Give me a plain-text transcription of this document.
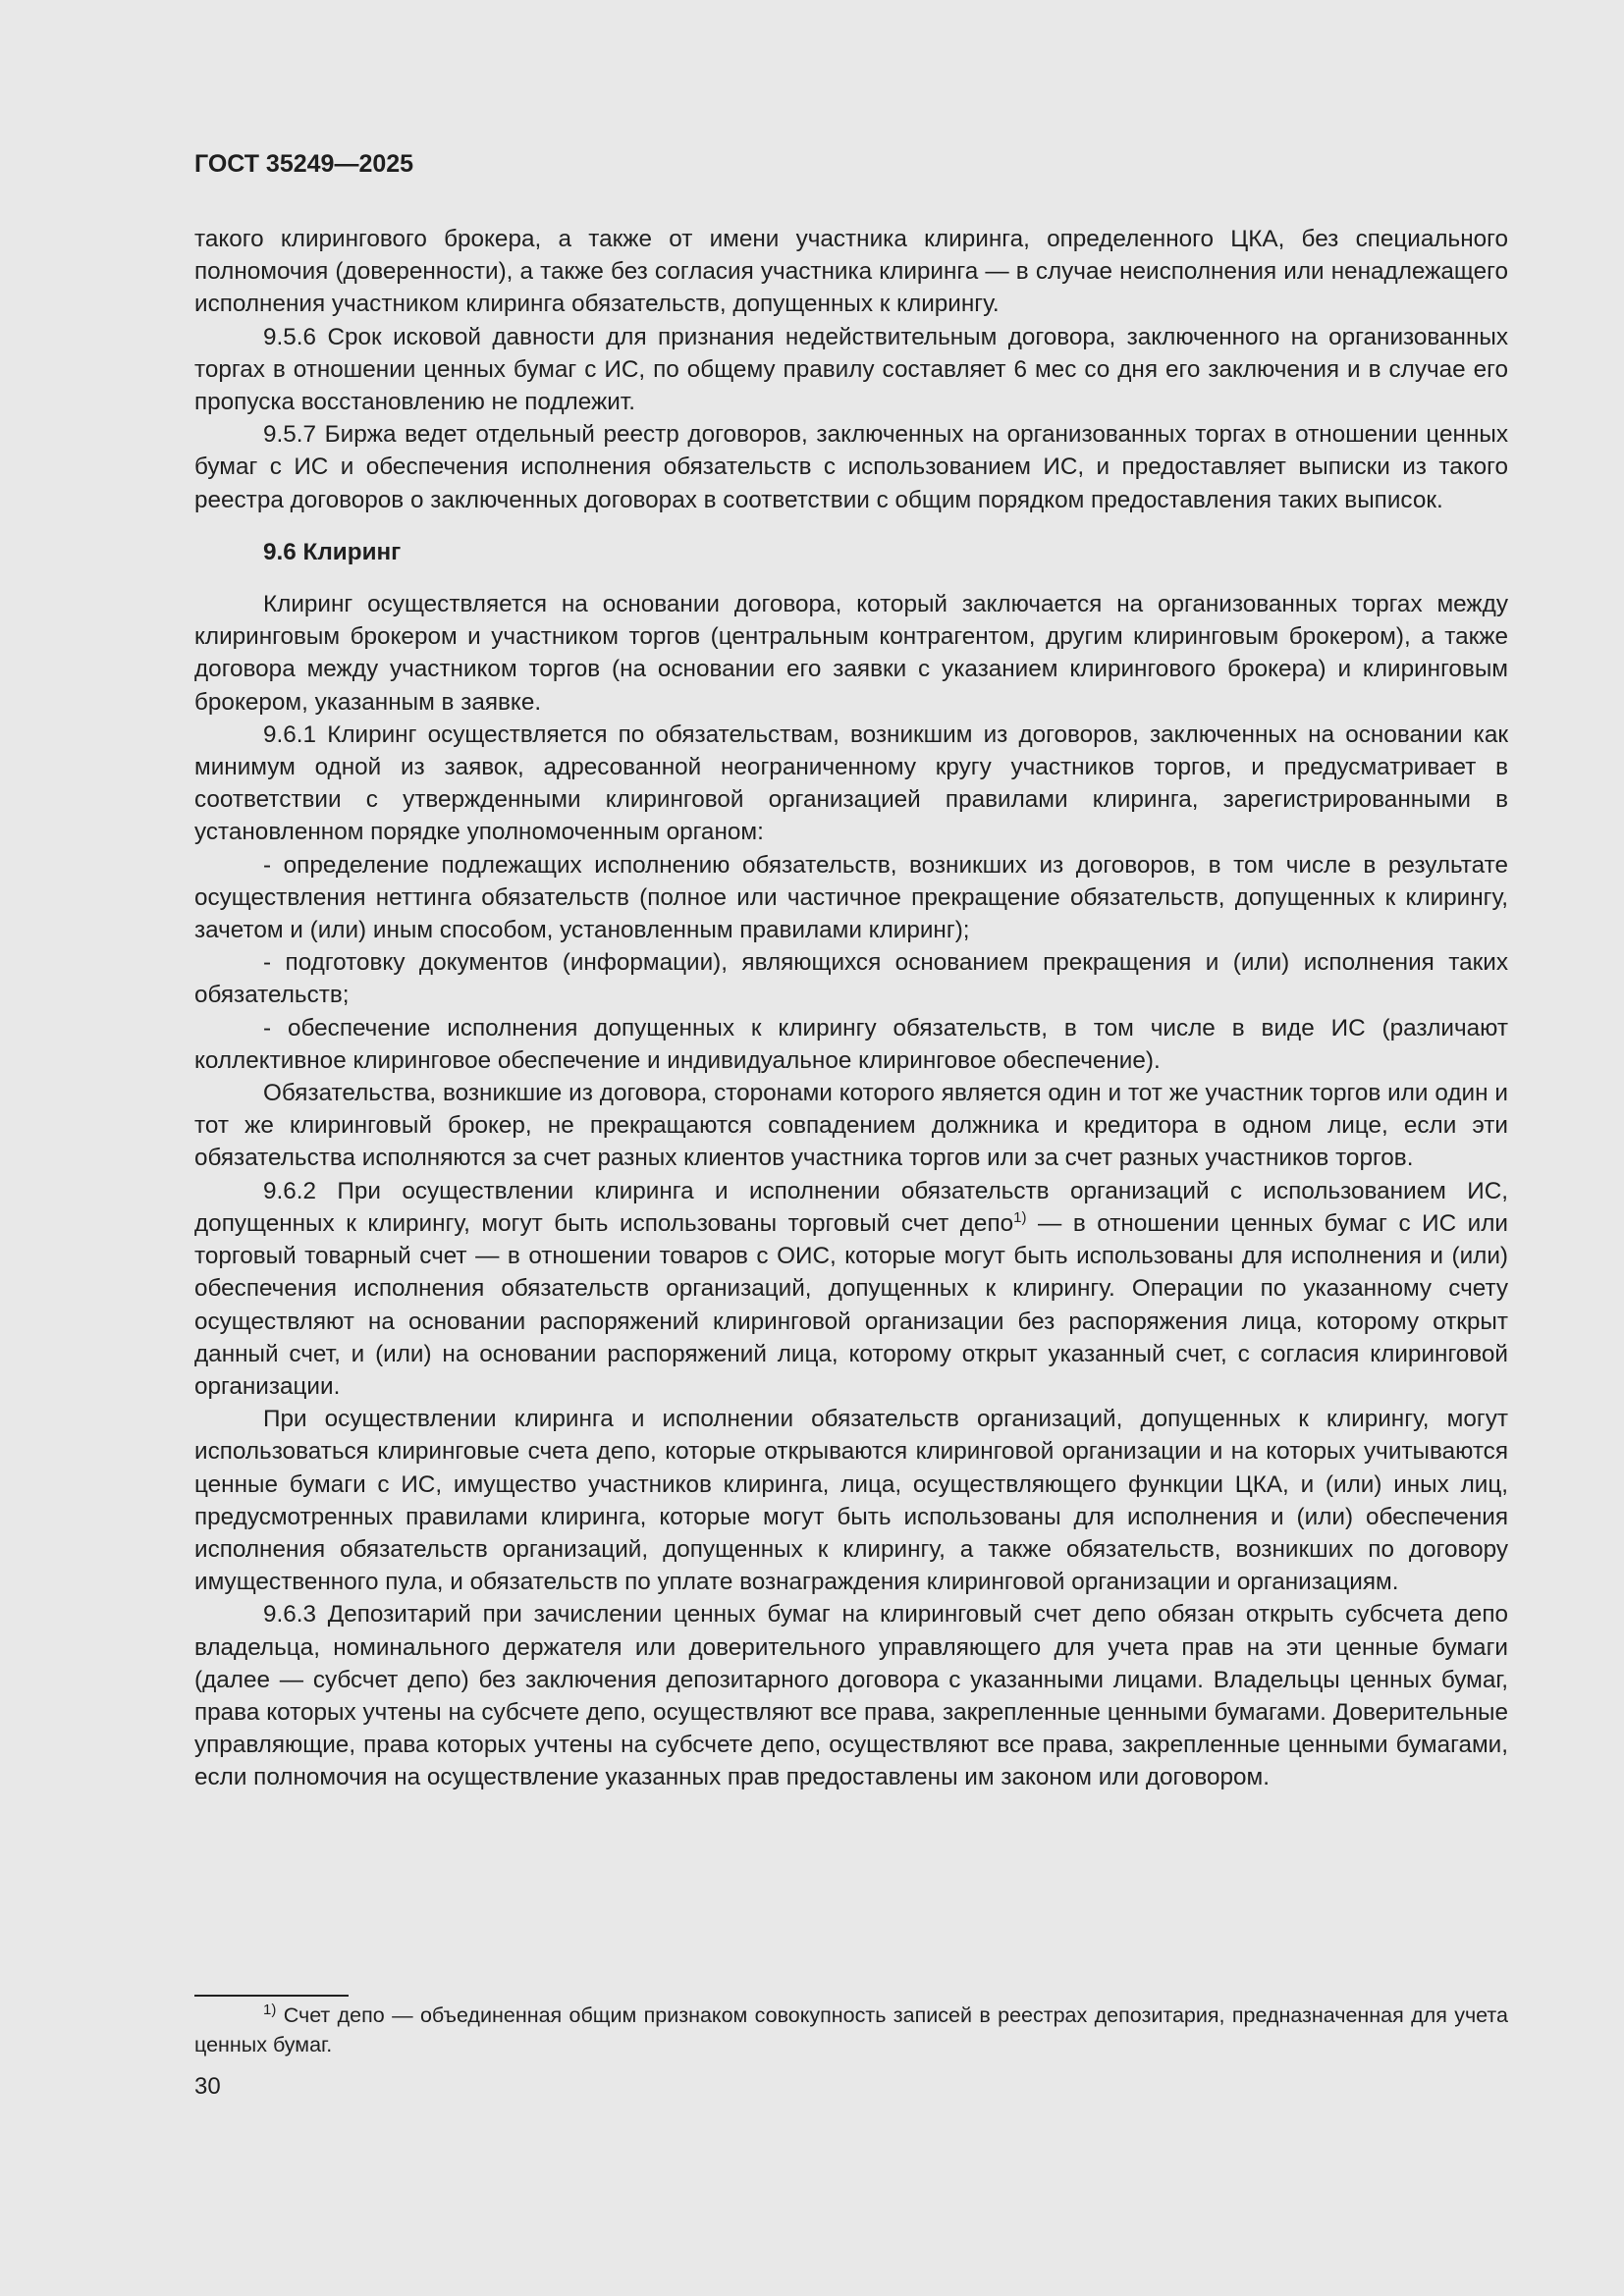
ГОСТ 35249—2025

такого клирингового брокера, а также от имени участника клиринга, определенного ЦКА, без специального полномочия (доверенности), а также без согласия участника клиринга — в случае неисполнения или ненадлежащего исполнения участником клиринга обязательств, допущенных к клирингу.

9.5.6 Срок исковой давности для признания недействительным договора, заключенного на организованных торгах в отношении ценных бумаг с ИС, по общему правилу составляет 6 мес со дня его заключения и в случае его пропуска восстановлению не подлежит.

9.5.7 Биржа ведет отдельный реестр договоров, заключенных на организованных торгах в отношении ценных бумаг с ИС и обеспечения исполнения обязательств с использованием ИС, и предоставляет выписки из такого реестра договоров о заключенных договорах в соответствии с общим порядком предоставления таких выписок.

9.6 Клиринг

Клиринг осуществляется на основании договора, который заключается на организованных торгах между клиринговым брокером и участником торгов (центральным контрагентом, другим клиринговым брокером), а также договора между участником торгов (на основании его заявки с указанием клирингового брокера) и клиринговым брокером, указанным в заявке.

9.6.1 Клиринг осуществляется по обязательствам, возникшим из договоров, заключенных на основании как минимум одной из заявок, адресованной неограниченному кругу участников торгов, и предусматривает в соответствии с утвержденными клиринговой организацией правилами клиринга, зарегистрированными в установленном порядке уполномоченным органом:

- определение подлежащих исполнению обязательств, возникших из договоров, в том числе в результате осуществления неттинга обязательств (полное или частичное прекращение обязательств, допущенных к клирингу, зачетом и (или) иным способом, установленным правилами клиринг);

- подготовку документов (информации), являющихся основанием прекращения и (или) исполнения таких обязательств;

- обеспечение исполнения допущенных к клирингу обязательств, в том числе в виде ИС (различают коллективное клиринговое обеспечение и индивидуальное клиринговое обеспечение).

Обязательства, возникшие из договора, сторонами которого является один и тот же участник торгов или один и тот же клиринговый брокер, не прекращаются совпадением должника и кредитора в одном лице, если эти обязательства исполняются за счет разных клиентов участника торгов или за счет разных участников торгов.

9.6.2 При осуществлении клиринга и исполнении обязательств организаций с использованием ИС, допущенных к клирингу, могут быть использованы торговый счет депо$^{1)}$ — в отношении ценных бумаг с ИС или торговый товарный счет — в отношении товаров с ОИС, которые могут быть использованы для исполнения и (или) обеспечения исполнения обязательств организаций, допущенных к клирингу. Операции по указанному счету осуществляют на основании распоряжений клиринговой организации без распоряжения лица, которому открыт данный счет, и (или) на основании распоряжений лица, которому открыт указанный счет, с согласия клиринговой организации.

При осуществлении клиринга и исполнении обязательств организаций, допущенных к клирингу, могут использоваться клиринговые счета депо, которые открываются клиринговой организации и на которых учитываются ценные бумаги с ИС, имущество участников клиринга, лица, осуществляющего функции ЦКА, и (или) иных лиц, предусмотренных правилами клиринга, которые могут быть использованы для исполнения и (или) обеспечения исполнения обязательств организаций, допущенных к клирингу, а также обязательств, возникших по договору имущественного пула, и обязательств по уплате вознаграждения клиринговой организации и организациям.

9.6.3 Депозитарий при зачислении ценных бумаг на клиринговый счет депо обязан открыть субсчета депо владельца, номинального держателя или доверительного управляющего для учета прав на эти ценные бумаги (далее — субсчет депо) без заключения депозитарного договора с указанными лицами. Владельцы ценных бумаг, права которых учтены на субсчете депо, осуществляют все права, закрепленные ценными бумагами. Доверительные управляющие, права которых учтены на субсчете депо, осуществляют все права, закрепленные ценными бумагами, если полномочия на осуществление указанных прав предоставлены им законом или договором.

$^{1)}$ Счет депо — объединенная общим признаком совокупность записей в реестрах депозитария, предназначенная для учета ценных бумаг.
30
